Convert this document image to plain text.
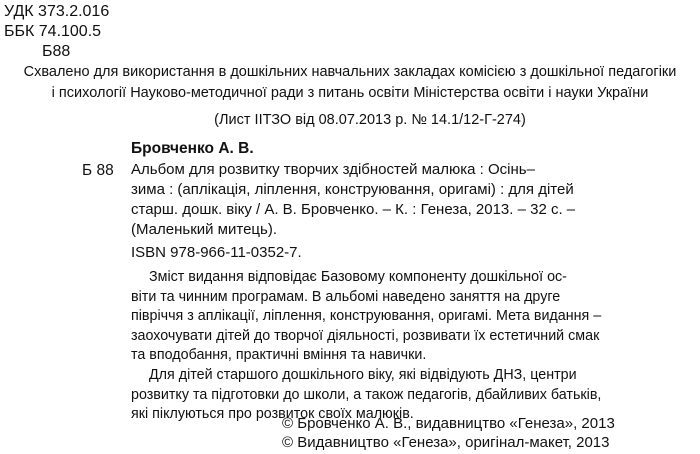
УДК 373.2.016
ББК 74.100.5
Б88
Схвалено для використання в дошкільних навчальних закладах комісією з дошкільної педагогіки
і психології Науково-методичної ради з питань освіти Міністерства освіти і науки України
(Лист ІІТЗО від 08.07.2013 р. № 14.1/12-Г-274)
Бровченко А. В.
Б 88 Альбом для розвитку творчих здібностей малюка : Осінь–
зима : (аплікація, ліплення, конструювання, оригамі) : для дітей
старш. дошк. віку / А. В. Бровченко. – К. : Генеза, 2013. – 32 с. –
(Маленький митець).
ISBN 978-966-11-0352-7.

Зміст видання відповідає Базовому компоненту дошкільної ос-
віти та чинним програмам. В альбомі наведено заняття на друге
півріччя з аплікації, ліплення, конструювання, оригамі. Мета видання –
заохочувати дітей до творчої діяльності, розвивати їх естетичний смак
та вподобання, практичні вміння та навички.

Для дітей старшого дошкільного віку, які відвідують ДНЗ, центри
розвитку та підготовки до школи, а також педагогів, дбайливих батьків,
які піклуються про розвиток своїх малюків.

© Бровченко А. В., видавництво «Генеза», 2013
© Видавництво «Генеза», оригінал-макет, 2013
